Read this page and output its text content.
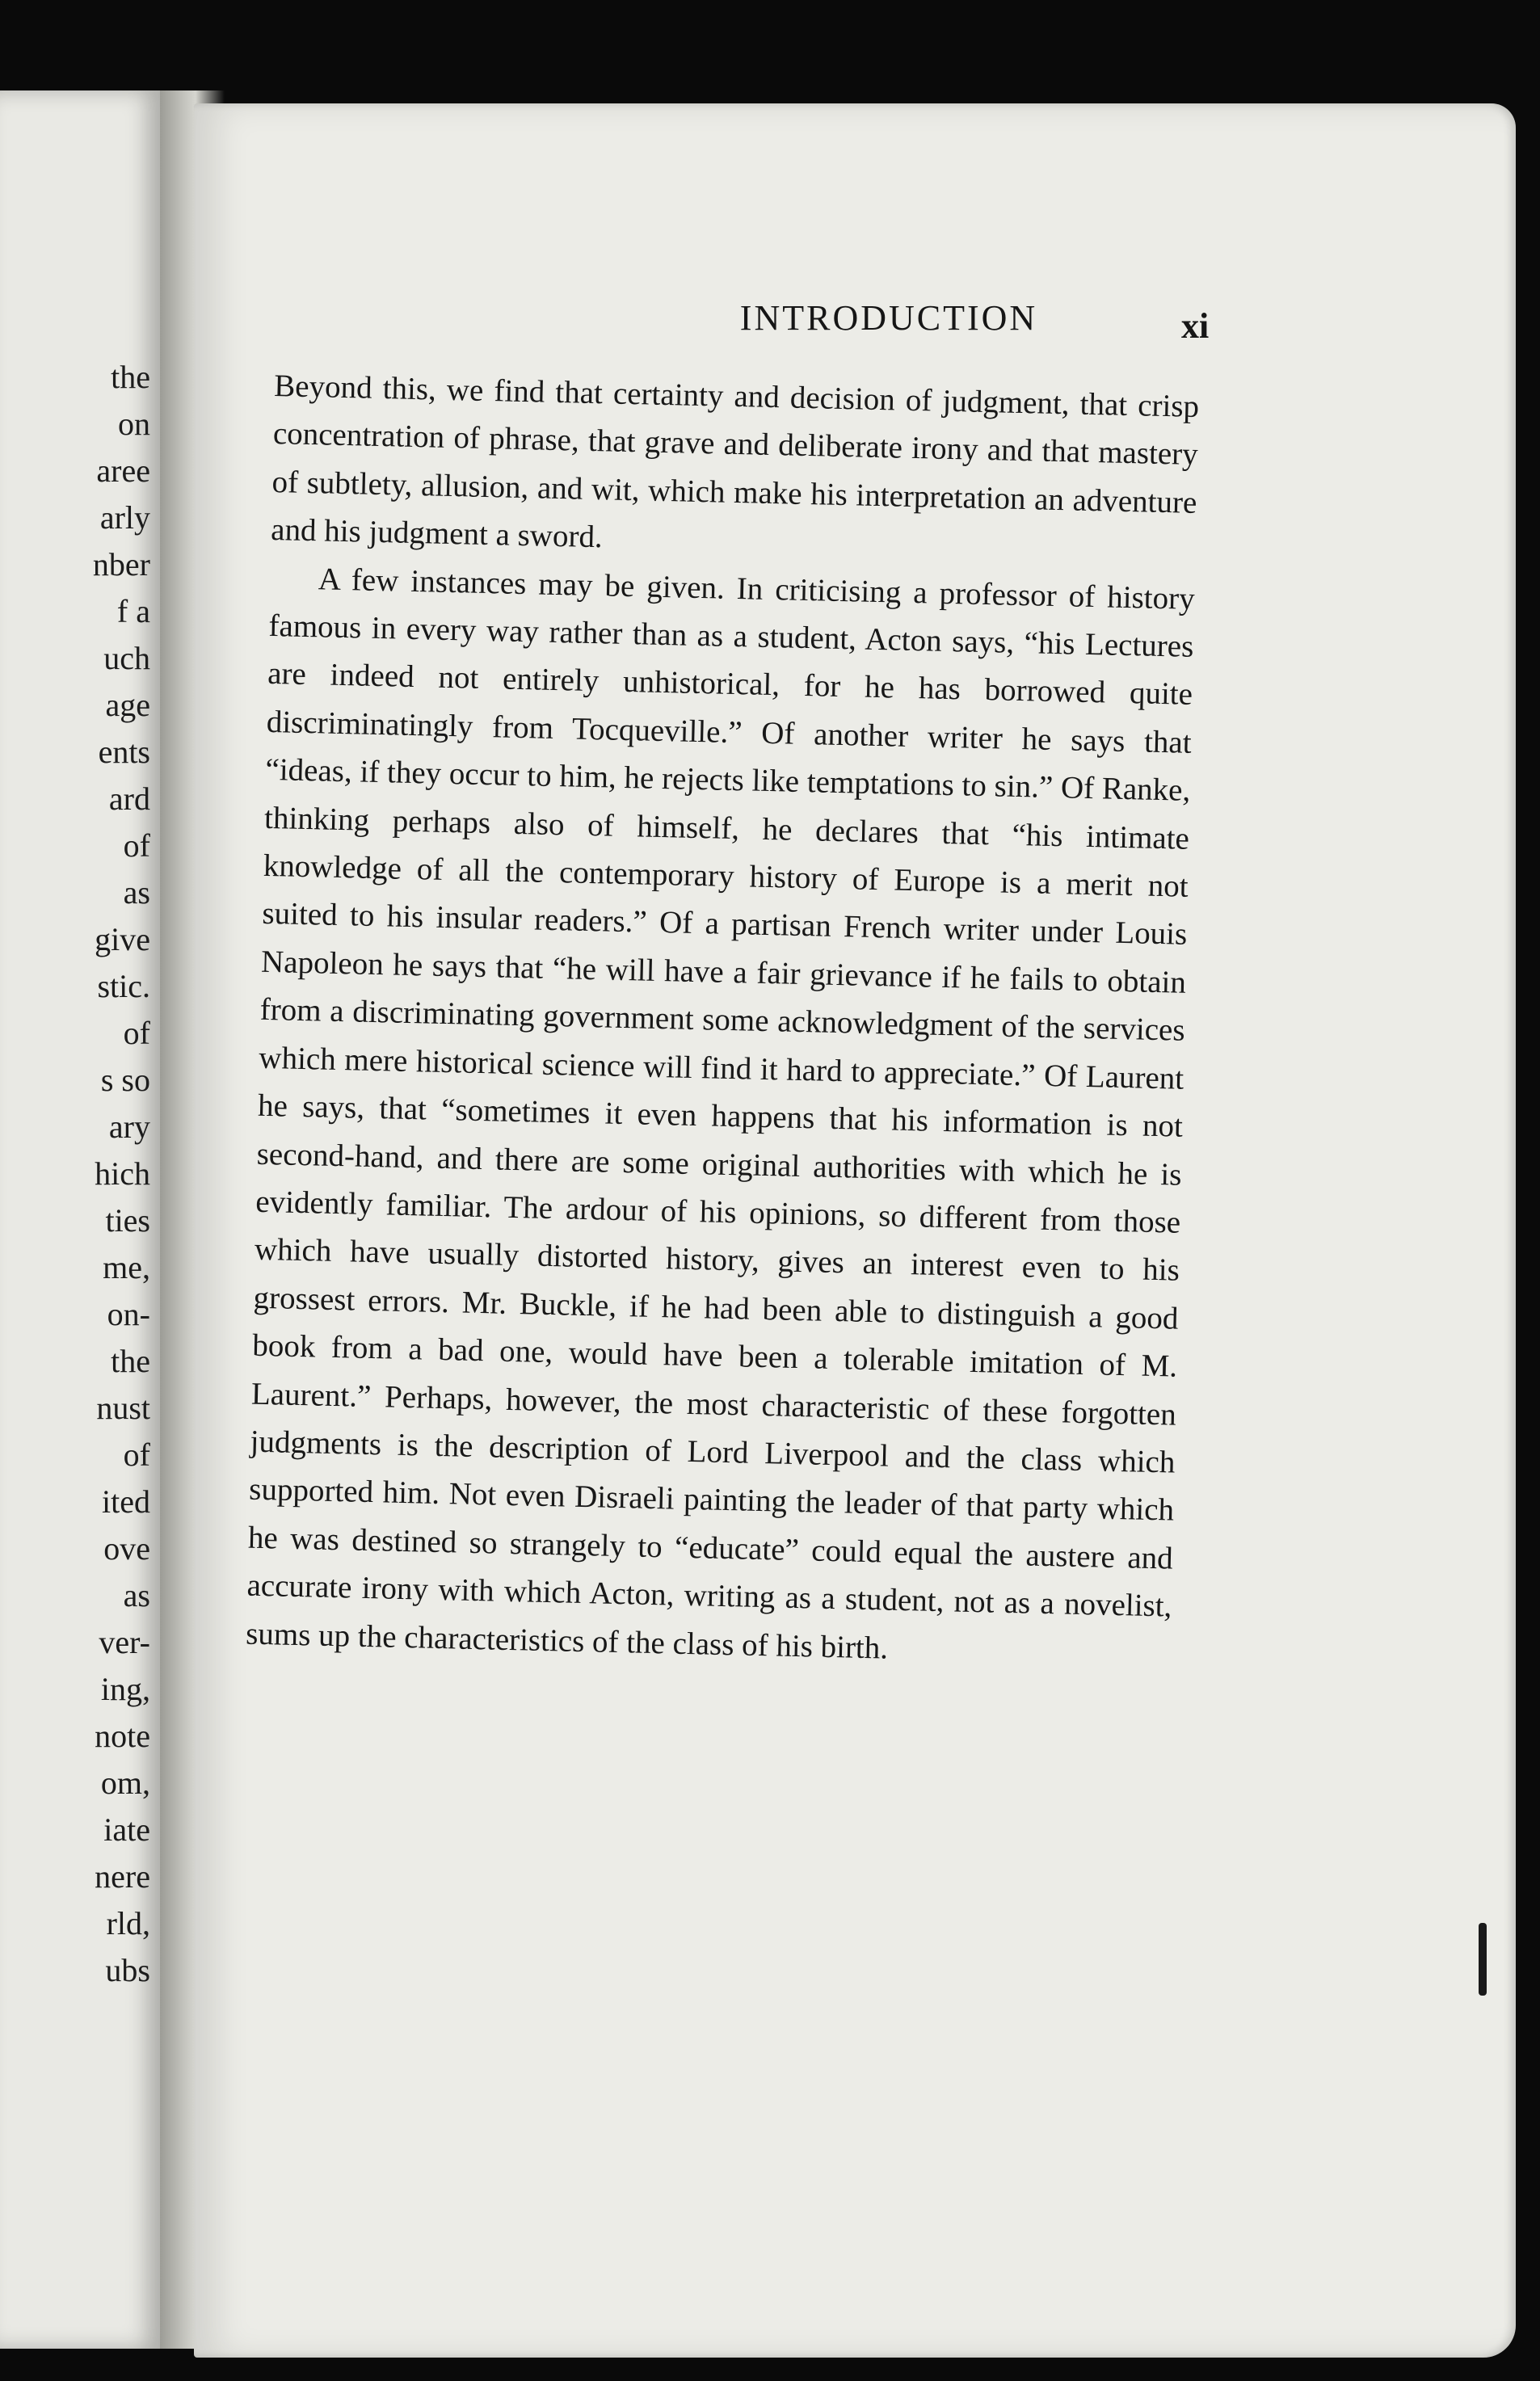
the
on
aree
arly
nber
f a
uch
age
ents
ard
of
as
give
stic.
of
s so
ary
hich
ties
me,
on-
the
nust
of
ited
ove
as
ver-
ing,
note
om,
iate
nere
rld,
ubs
INTRODUCTION	xi

Beyond this, we find that certainty and decision of judgment, that crisp concentration of phrase, that grave and deliberate irony and that mastery of subtlety, allusion, and wit, which make his interpretation an adventure and his judgment a sword.

A few instances may be given. In criticising a professor of history famous in every way rather than as a student, Acton says, “his Lectures are indeed not entirely unhistorical, for he has borrowed quite discriminatingly from Tocqueville.” Of another writer he says that “ideas, if they occur to him, he rejects like temptations to sin.” Of Ranke, thinking perhaps also of himself, he declares that “his intimate knowledge of all the contemporary history of Europe is a merit not suited to his insular readers.” Of a partisan French writer under Louis Napoleon he says that “he will have a fair grievance if he fails to obtain from a discriminating government some acknowledgment of the services which mere historical science will find it hard to appreciate.” Of Laurent he says, that “sometimes it even happens that his information is not second-hand, and there are some original authorities with which he is evidently familiar. The ardour of his opinions, so different from those which have usually distorted history, gives an interest even to his grossest errors. Mr. Buckle, if he had been able to distinguish a good book from a bad one, would have been a tolerable imitation of M. Laurent.” Perhaps, however, the most characteristic of these forgotten judgments is the description of Lord Liverpool and the class which supported him. Not even Disraeli painting the leader of that party which he was destined so strangely to “educate” could equal the austere and accurate irony with which Acton, writing as a student, not as a novelist, sums up the characteristics of the class of his birth.
